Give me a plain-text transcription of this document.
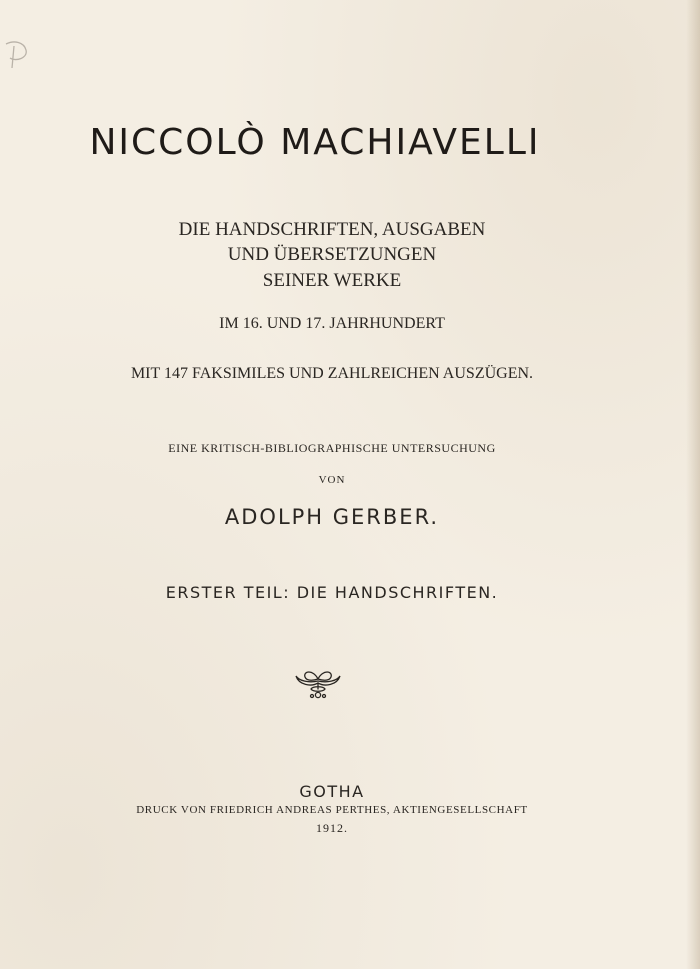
NICCOLÒ MACHIAVELLI
DIE HANDSCHRIFTEN, AUSGABEN
UND ÜBERSETZUNGEN
SEINER WERKE
IM 16. UND 17. JAHRHUNDERT
MIT 147 FAKSIMILES UND ZAHLREICHEN AUSZÜGEN.
EINE KRITISCH-BIBLIOGRAPHISCHE UNTERSUCHUNG
VON
ADOLPH GERBER.
ERSTER TEIL: DIE HANDSCHRIFTEN.
GOTHA
DRUCK VON FRIEDRICH ANDREAS PERTHES, AKTIENGESELLSCHAFT
1912.
